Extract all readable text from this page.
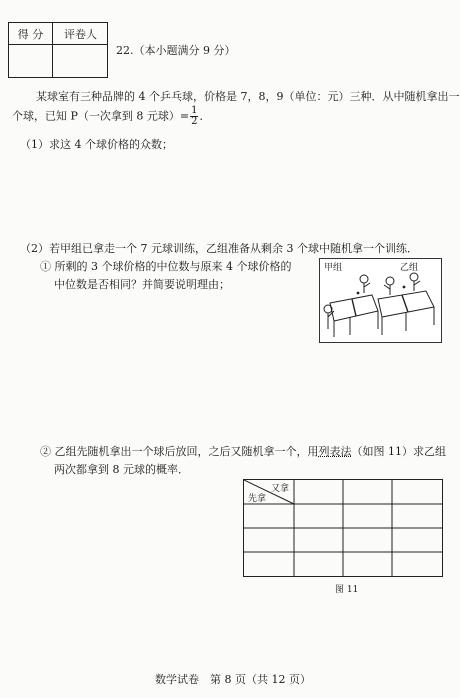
得 分	评卷人
22.（本小题满分 9 分）
某球室有三种品牌的 4 个乒乓球，价格是 7，8，9（单位：元）三种．从中随机拿出一
个球，已知 P（一次拿到 8 元球）= $\frac{1}{2}$ ．
（1）求这 4 个球价格的众数；
（2）若甲组已拿走一个 7 元球训练，乙组准备从剩余 3 个球中随机拿一个训练．
① 所剩的 3 个球价格的中位数与原来 4 个球价格的
中位数是否相同？并简要说明理由；
甲组	乙组
② 乙组先随机拿出一个球后放回，之后又随机拿一个，用列表法（如图 11）求乙组
两次都拿到 8 元球的概率．
又拿
先拿
图 11
数学试卷　第 8 页（共 12 页）
